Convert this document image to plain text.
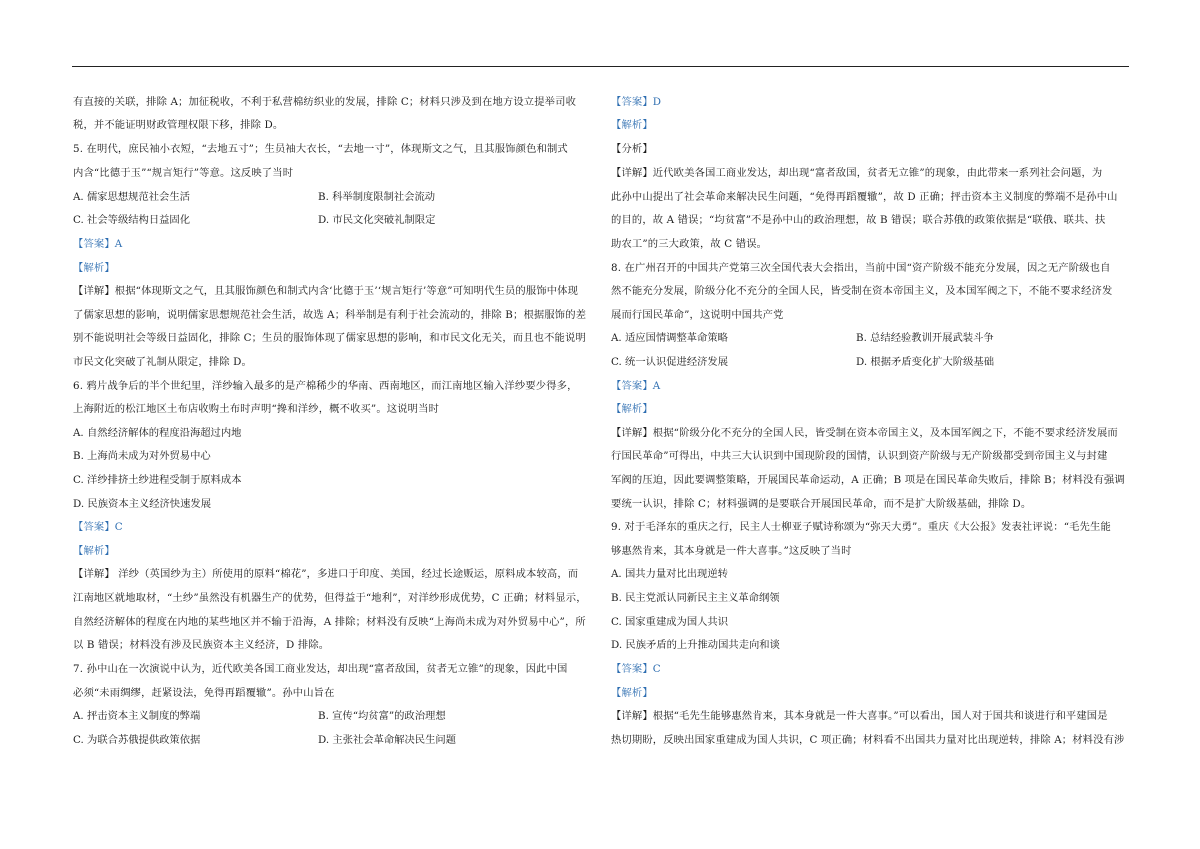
有直接的关联，排除 A；加征税收，不利于私营棉纺织业的发展，排除 C；材料只涉及到在地方设立提举司收
税，并不能证明财政管理权限下移，排除 D。
5. 在明代，庶民袖小衣短，“去地五寸”；生员袖大衣长，“去地一寸”，体现斯文之气，且其服饰颜色和制式
内含“比德于玉”“规言矩行”等意。这反映了当时
A. 儒家思想规范社会生活	B. 科举制度限制社会流动
C. 社会等级结构日益固化	D. 市民文化突破礼制限定
【答案】A
【解析】
【详解】根据“体现斯文之气，且其服饰颜色和制式内含‘比德于玉’‘规言矩行’等意”可知明代生员的服饰中体现
了儒家思想的影响，说明儒家思想规范社会生活，故选 A；科举制是有利于社会流动的，排除 B；根据服饰的差
别不能说明社会等级日益固化，排除 C；生员的服饰体现了儒家思想的影响，和市民文化无关，而且也不能说明
市民文化突破了礼制从限定，排除 D。
6. 鸦片战争后的半个世纪里，洋纱输入最多的是产棉稀少的华南、西南地区，而江南地区输入洋纱要少得多，
上海附近的松江地区土布店收购土布时声明“搀和洋纱，概不收买”。这说明当时
A. 自然经济解体的程度沿海超过内地
B. 上海尚未成为对外贸易中心
C. 洋纱排挤土纱进程受制于原料成本
D. 民族资本主义经济快速发展
【答案】C
【解析】
【详解】 洋纱（英国纱为主）所使用的原料“棉花”，多进口于印度、美国，经过长途贩运，原料成本较高，而
江南地区就地取材，“土纱”虽然没有机器生产的优势，但得益于“地利”，对洋纱形成优势，C 正确；材料显示，
自然经济解体的程度在内地的某些地区并不输于沿海，A 排除；材料没有反映“上海尚未成为对外贸易中心”，所
以 B 错误；材料没有涉及民族资本主义经济，D 排除。
7. 孙中山在一次演说中认为，近代欧美各国工商业发达，却出现“富者敌国，贫者无立锥”的现象，因此中国
必须“未雨绸缪，赶紧设法，免得再蹈覆辙”。孙中山旨在
A. 抨击资本主义制度的弊端	B. 宣传“均贫富”的政治理想
C. 为联合苏俄提供政策依据	D. 主张社会革命解决民生问题
【答案】D
【解析】
【分析】
【详解】近代欧美各国工商业发达，却出现“富者敌国，贫者无立锥”的现象，由此带来一系列社会问题，为
此孙中山提出了社会革命来解决民生问题，“免得再蹈覆辙”，故 D 正确；抨击资本主义制度的弊端不是孙中山
的目的，故 A 错误；“均贫富”不是孙中山的政治理想，故 B 错误；联合苏俄的政策依据是“联俄、联共、扶
助农工”的三大政策，故 C 错误。
8. 在广州召开的中国共产党第三次全国代表大会指出，当前中国“资产阶级不能充分发展，因之无产阶级也自
然不能充分发展，阶级分化不充分的全国人民，皆受制在资本帝国主义，及本国军阀之下，不能不要求经济发
展而行国民革命”，这说明中国共产党
A. 适应国情调整革命策略	B. 总结经验教训开展武装斗争
C. 统一认识促进经济发展	D. 根据矛盾变化扩大阶级基础
【答案】A
【解析】
【详解】根据“阶级分化不充分的全国人民，皆受制在资本帝国主义，及本国军阀之下，不能不要求经济发展而
行国民革命”可得出，中共三大认识到中国现阶段的国情，认识到资产阶级与无产阶级都受到帝国主义与封建
军阀的压迫，因此要调整策略，开展国民革命运动，A 正确；B 项是在国民革命失败后，排除 B；材料没有强调
要统一认识，排除 C；材料强调的是要联合开展国民革命，而不是扩大阶级基础，排除 D。
9. 对于毛泽东的重庆之行，民主人士柳亚子赋诗称颂为“弥天大勇”。重庆《大公报》发表社评说：“毛先生能
够惠然肯来，其本身就是一件大喜事。”这反映了当时
A. 国共力量对比出现逆转
B. 民主党派认同新民主主义革命纲领
C. 国家重建成为国人共识
D. 民族矛盾的上升推动国共走向和谈
【答案】C
【解析】
【详解】根据“毛先生能够惠然肯来，其本身就是一件大喜事。”可以看出，国人对于国共和谈进行和平建国是
热切期盼，反映出国家重建成为国人共识，C 项正确；材料看不出国共力量对比出现逆转，排除 A；材料没有涉
